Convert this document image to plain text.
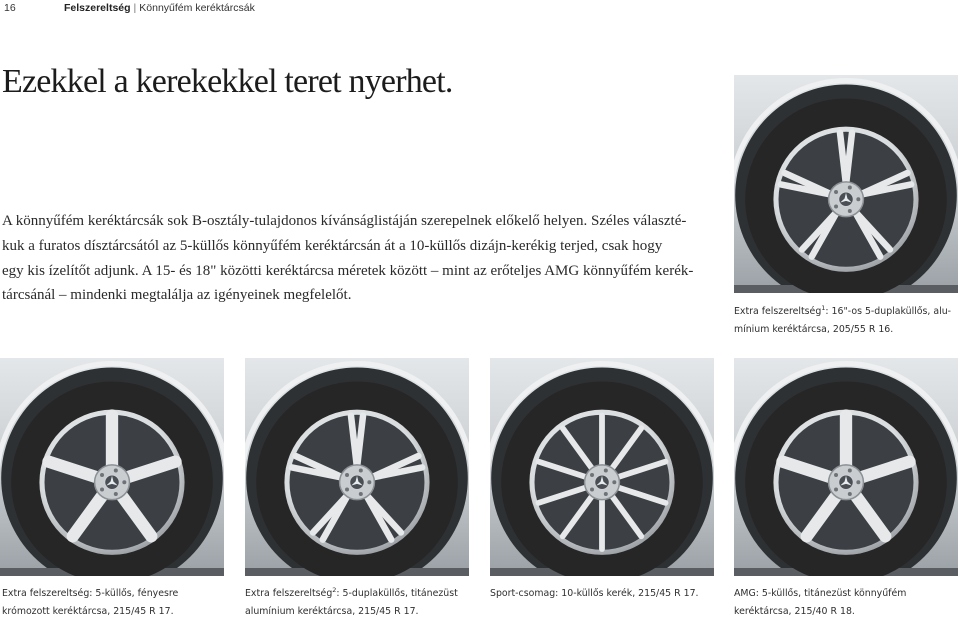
16	Felszereltség | Könnyűfém keréktárcsák
Ezekkel a kerekekkel teret nyerhet.
A könnyűfém keréktárcsák sok B-osztály-tulajdonos kívánságlistáján szerepelnek előkelő helyen. Széles választé-
kuk a furatos dísztárcsától az 5-küllős könnyűfém keréktárcsán át a 10-küllős dizájn-kerékig terjed, csak hogy
egy kis ízelítőt adjunk. A 15- és 18" közötti keréktárcsa méretek között – mint az erőteljes AMG könnyűfém kerék-
tárcsánál – mindenki megtalálja az igényeinek megfelelőt.
Extra felszereltség$^1$: 16"-os 5-duplaküllős, alu-
mínium keréktárcsa, 205/55 R 16.
Extra felszereltség: 5-küllős, fényesre
krómozott keréktárcsa, 215/45 R 17.
Extra felszereltség$^2$: 5-duplaküllős, titánezüst
alumínium keréktárcsa, 215/45 R 17.
Sport-csomag: 10-küllős kerék, 215/45 R 17.	AMG: 5-küllős, titánezüst könnyűfém
keréktárcsa, 215/40 R 18.
